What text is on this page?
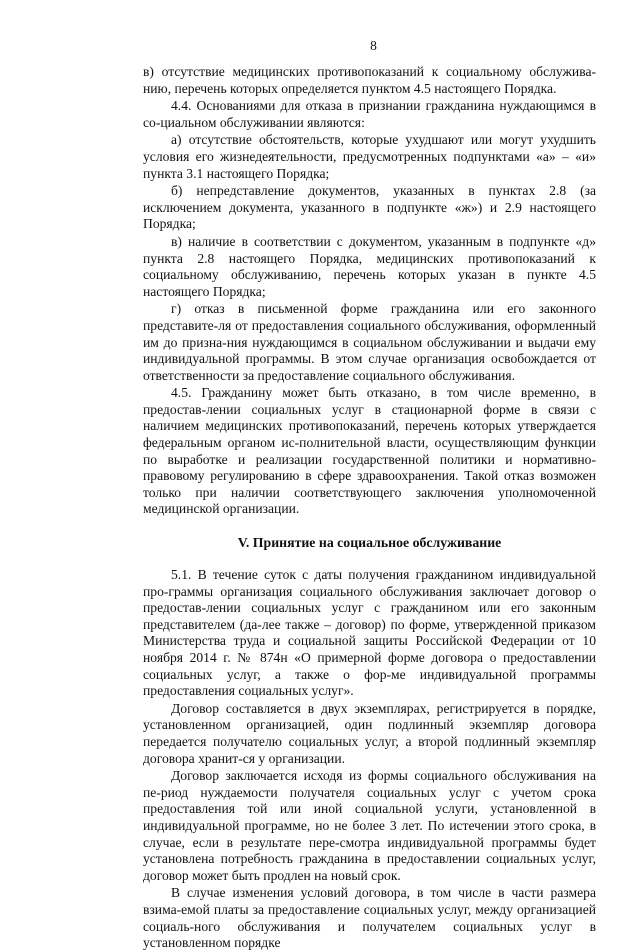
8

в) отсутствие медицинских противопоказаний к социальному обслужива-нию, перечень которых определяется пунктом 4.5 настоящего Порядка.

4.4. Основаниями для отказа в признании гражданина нуждающимся в со-циальном обслуживании являются:

а) отсутствие обстоятельств, которые ухудшают или могут ухудшить условия его жизнедеятельности, предусмотренных подпунктами «а» – «и» пункта 3.1 настоящего Порядка;

б) непредставление документов, указанных в пунктах 2.8 (за исключением документа, указанного в подпункте «ж») и 2.9 настоящего Порядка;

в) наличие в соответствии с документом, указанным в подпункте «д» пункта 2.8 настоящего Порядка, медицинских противопоказаний к социальному обслуживанию, перечень которых указан в пункте 4.5 настоящего Порядка;

г) отказ в письменной форме гражданина или его законного представите-ля от предоставления социального обслуживания, оформленный им до призна-ния нуждающимся в социальном обслуживании и выдачи ему индивидуальной программы. В этом случае организация освобождается от ответственности за предоставление социального обслуживания.

4.5. Гражданину может быть отказано, в том числе временно, в предостав-лении социальных услуг в стационарной форме в связи с наличием медицинских противопоказаний, перечень которых утверждается федеральным органом ис-полнительной власти, осуществляющим функции по выработке и реализации государственной политики и нормативно-правовому регулированию в сфере здравоохранения. Такой отказ возможен только при наличии соответствующего заключения уполномоченной медицинской организации.

V. Принятие на социальное обслуживание

5.1. В течение суток с даты получения гражданином индивидуальной про-граммы организация социального обслуживания заключает договор о предостав-лении социальных услуг с гражданином или его законным представителем (да-лее также – договор) по форме, утвержденной приказом Министерства труда и социальной защиты Российской Федерации от 10 ноября 2014 г. № 874н «О примерной форме договора о предоставлении социальных услуг, а также о фор-ме индивидуальной программы предоставления социальных услуг».

Договор составляется в двух экземплярах, регистрируется в порядке, установленном организацией, один подлинный экземпляр договора передается получателю социальных услуг, а второй подлинный экземпляр договора хранит-ся у организации.

Договор заключается исходя из формы социального обслуживания на пе-риод нуждаемости получателя социальных услуг с учетом срока предоставления той или иной социальной услуги, установленной в индивидуальной программе, но не более 3 лет. По истечении этого срока, в случае, если в результате пере-смотра индивидуальной программы будет установлена потребность гражданина в предоставлении социальных услуг, договор может быть продлен на новый срок.

В случае изменения условий договора, в том числе в части размера взима-емой платы за предоставление социальных услуг, между организацией социаль-ного обслуживания и получателем социальных услуг в установленном порядке
